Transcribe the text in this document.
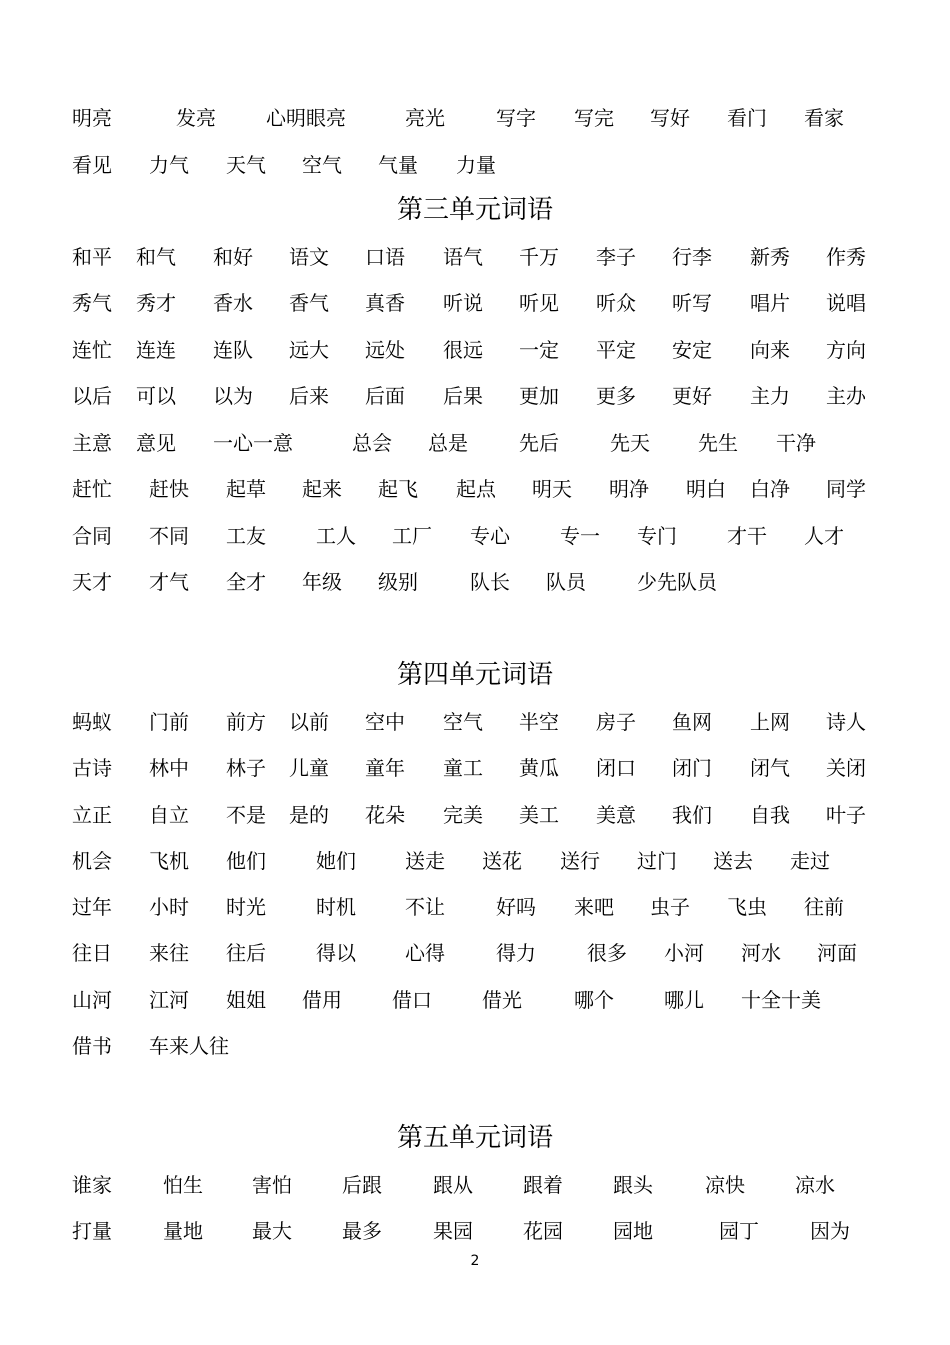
明亮	发亮	心明眼亮	亮光	写字 写完 写好 看门 看家
看见 力气 天气 空气 气量 力量
第三单元词语
和平 和气 和好 语文 口语 语气 千万 李子 行李 新秀 作秀
秀气 秀才 香水 香气 真香 听说 听见 听众 听写 唱片 说唱
连忙 连连 连队 远大 远处 很远 一定 平定 安定 向来 方向
以后 可以 以为 后来 后面 后果 更加 更多 更好 主力 主办
主意 意见 一心一意	总会 总是	先后	先天 先生 干净
赶忙 赶快 起草 起来 起飞 起点 明天 明净 明白 白净 同学
合同 不同 工友	工人 工厂 专心	专一 专门	才干 人才
天才 才气 全才 年级 级别	队长 队员	少先队员
第四单元词语
蚂蚁 门前 前方 以前 空中 空气 半空 房子 鱼网 上网 诗人
古诗 林中 林子 儿童 童年 童工 黄瓜 闭口 闭门 闭气 关闭
立正 自立 不是 是的 花朵 完美 美工 美意 我们 自我 叶子
机会 飞机 他们	她们 送走 送花 送行 过门 送去 走过
过年 小时 时光	时机 不让	好吗 来吧 虫子 飞虫 往前
往日 来往 往后	得以 心得	得力	很多 小河 河水 河面
山河 江河 姐姐 借用	借口	借光	哪个	哪儿 十全十美
借书 车来人往
第五单元词语
谁家	怕生 害怕	后跟	跟从	跟着	跟头	凉快	凉水
打量	量地 最大	最多	果园	花园	园地	园丁	因为
2
